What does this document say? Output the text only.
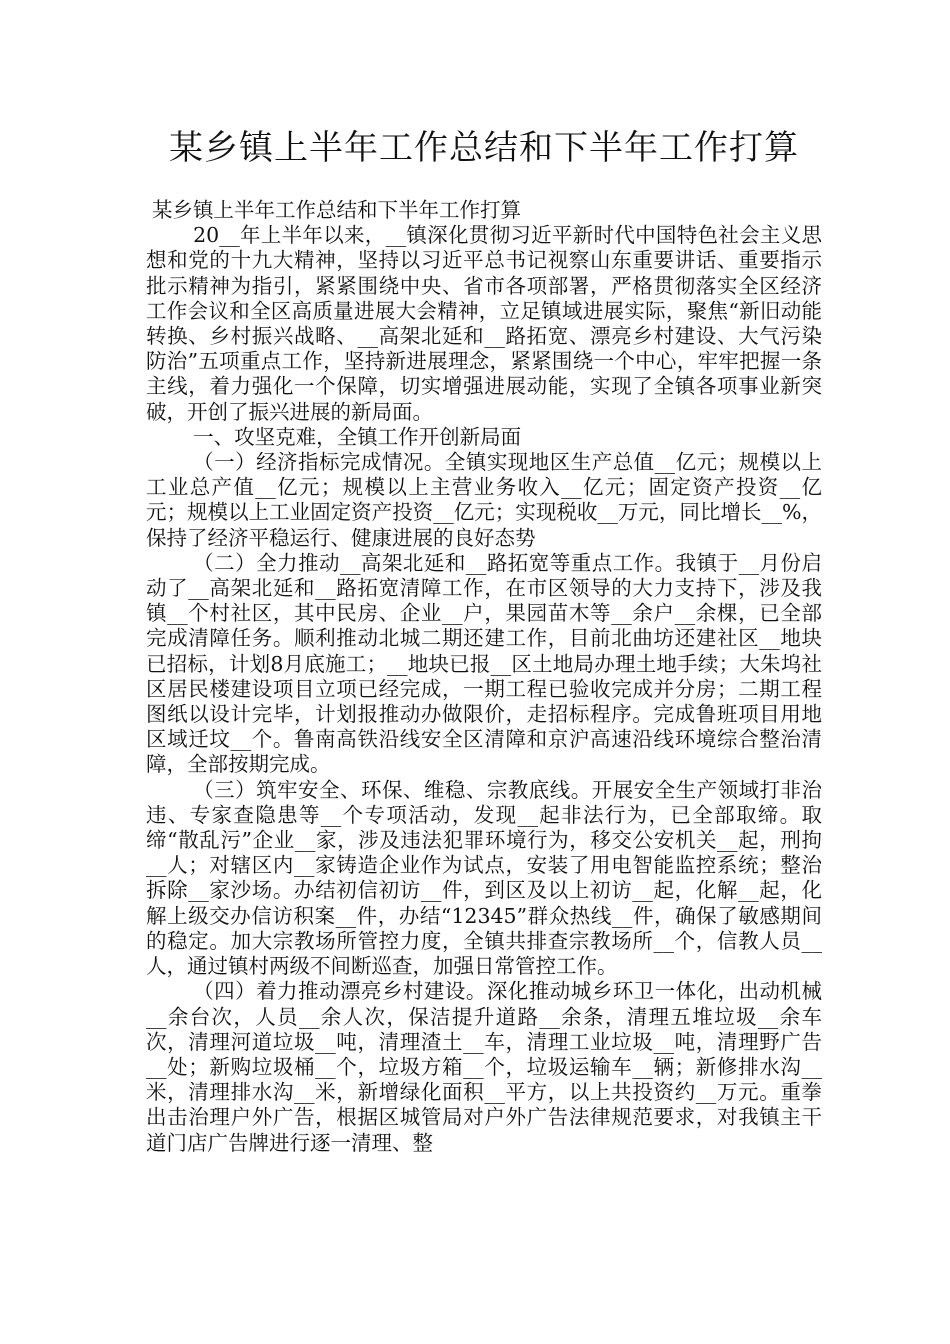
某乡镇上半年工作总结和下半年工作打算

某乡镇上半年工作总结和下半年工作打算

20__年上半年以来，__镇深化贯彻习近平新时代中国特色社会主义思想和党的十九大精神，坚持以习近平总书记视察山东重要讲话、重要指示批示精神为指引，紧紧围绕中央、省市各项部署，严格贯彻落实全区经济工作会议和全区高质量进展大会精神，立足镇域进展实际，聚焦“新旧动能转换、乡村振兴战略、__高架北延和__路拓宽、漂亮乡村建设、大气污染防治”五项重点工作，坚持新进展理念，紧紧围绕一个中心，牢牢把握一条主线，着力强化一个保障，切实增强进展动能，实现了全镇各项事业新突破，开创了振兴进展的新局面。

一、攻坚克难，全镇工作开创新局面

（一）经济指标完成情况。全镇实现地区生产总值__亿元；规模以上工业总产值__亿元；规模以上主营业务收入__亿元；固定资产投资__亿元；规模以上工业固定资产投资__亿元；实现税收__万元，同比增长__%，保持了经济平稳运行、健康进展的良好态势

（二）全力推动__高架北延和__路拓宽等重点工作。我镇于__月份启动了__高架北延和__路拓宽清障工作，在市区领导的大力支持下，涉及我镇__个村社区，其中民房、企业__户，果园苗木等__余户__余棵，已全部完成清障任务。顺利推动北城二期还建工作，目前北曲坊还建社区__地块已招标，计划8月底施工；__地块已报__区土地局办理土地手续；大朱坞社区居民楼建设项目立项已经完成，一期工程已验收完成并分房；二期工程图纸以设计完毕，计划报推动办做限价，走招标程序。完成鲁班项目用地区域迁坟__个。鲁南高铁沿线安全区清障和京沪高速沿线环境综合整治清障，全部按期完成。

（三）筑牢安全、环保、维稳、宗教底线。开展安全生产领域打非治违、专家查隐患等__个专项活动，发现__起非法行为，已全部取缔。取缔“散乱污”企业__家，涉及违法犯罪环境行为，移交公安机关__起，刑拘__人；对辖区内__家铸造企业作为试点，安装了用电智能监控系统；整治拆除__家沙场。办结初信初访__件，到区及以上初访__起，化解__起，化解上级交办信访积案__件，办结“12345”群众热线__件，确保了敏感期间的稳定。加大宗教场所管控力度，全镇共排查宗教场所__个，信教人员__人，通过镇村两级不间断巡查，加强日常管控工作。

（四）着力推动漂亮乡村建设。深化推动城乡环卫一体化，出动机械__余台次，人员__余人次，保洁提升道路__余条，清理五堆垃圾__余车次，清理河道垃圾__吨，清理渣土__车，清理工业垃圾__吨，清理野广告__处；新购垃圾桶__个，垃圾方箱__个，垃圾运输车__辆；新修排水沟__米，清理排水沟__米，新增绿化面积__平方，以上共投资约__万元。重拳出击治理户外广告，根据区城管局对户外广告法律规范要求，对我镇主干道门店广告牌进行逐一清理、整
